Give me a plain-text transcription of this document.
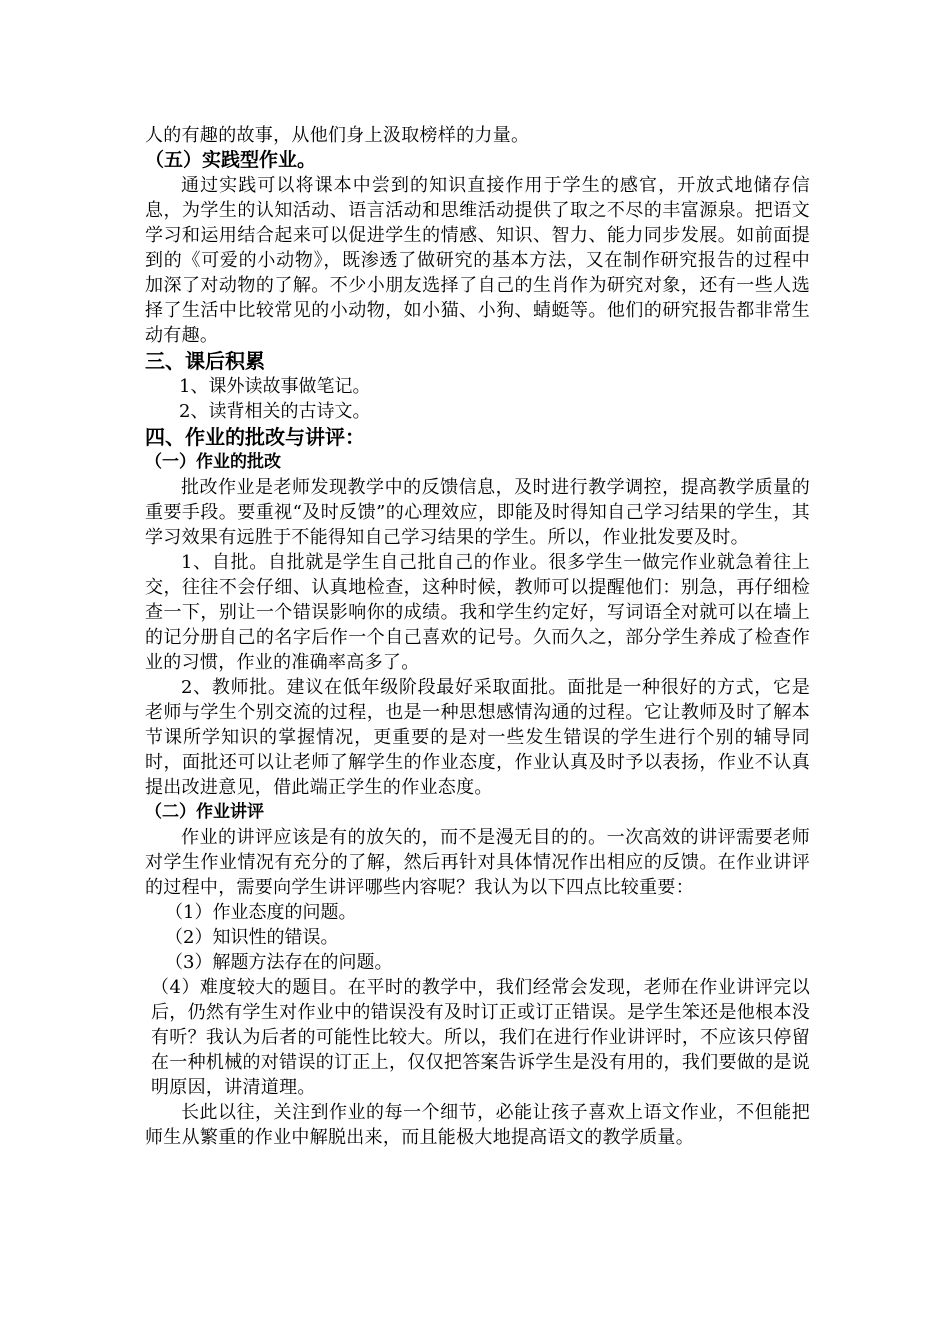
人的有趣的故事，从他们身上汲取榜样的力量。

（五）实践型作业。

通过实践可以将课本中尝到的知识直接作用于学生的感官，开放式地储存信息，为学生的认知活动、语言活动和思维活动提供了取之不尽的丰富源泉。把语文学习和运用结合起来可以促进学生的情感、知识、智力、能力同步发展。如前面提到的《可爱的小动物》，既渗透了做研究的基本方法，又在制作研究报告的过程中加深了对动物的了解。不少小朋友选择了自己的生肖作为研究对象，还有一些人选择了生活中比较常见的小动物，如小猫、小狗、蜻蜓等。他们的研究报告都非常生动有趣。

三、课后积累

1、课外读故事做笔记。

2、读背相关的古诗文。

四、作业的批改与讲评：

（一）作业的批改

批改作业是老师发现教学中的反馈信息，及时进行教学调控，提高教学质量的重要手段。要重视“及时反馈”的心理效应，即能及时得知自己学习结果的学生，其学习效果有远胜于不能得知自己学习结果的学生。所以，作业批发要及时。

1、自批。自批就是学生自己批自己的作业。很多学生一做完作业就急着往上交，往往不会仔细、认真地检查，这种时候，教师可以提醒他们：别急，再仔细检查一下，别让一个错误影响你的成绩。我和学生约定好，写词语全对就可以在墙上的记分册自己的名字后作一个自己喜欢的记号。久而久之，部分学生养成了检查作业的习惯，作业的准确率高多了。

2、教师批。建议在低年级阶段最好采取面批。面批是一种很好的方式，它是老师与学生个别交流的过程，也是一种思想感情沟通的过程。它让教师及时了解本节课所学知识的掌握情况，更重要的是对一些发生错误的学生进行个别的辅导同时，面批还可以让老师了解学生的作业态度，作业认真及时予以表扬，作业不认真提出改进意见，借此端正学生的作业态度。

（二）作业讲评

作业的讲评应该是有的放矢的，而不是漫无目的的。一次高效的讲评需要老师对学生作业情况有充分的了解，然后再针对具体情况作出相应的反馈。在作业讲评的过程中，需要向学生讲评哪些内容呢？我认为以下四点比较重要：

（1）作业态度的问题。

（2）知识性的错误。

（3）解题方法存在的问题。

（4）难度较大的题目。在平时的教学中，我们经常会发现，老师在作业讲评完以后，仍然有学生对作业中的错误没有及时订正或订正错误。是学生笨还是他根本没有听？我认为后者的可能性比较大。所以，我们在进行作业讲评时，不应该只停留在一种机械的对错误的订正上，仅仅把答案告诉学生是没有用的，我们要做的是说明原因，讲清道理。

长此以往，关注到作业的每一个细节，必能让孩子喜欢上语文作业，不但能把师生从繁重的作业中解脱出来，而且能极大地提高语文的教学质量。
